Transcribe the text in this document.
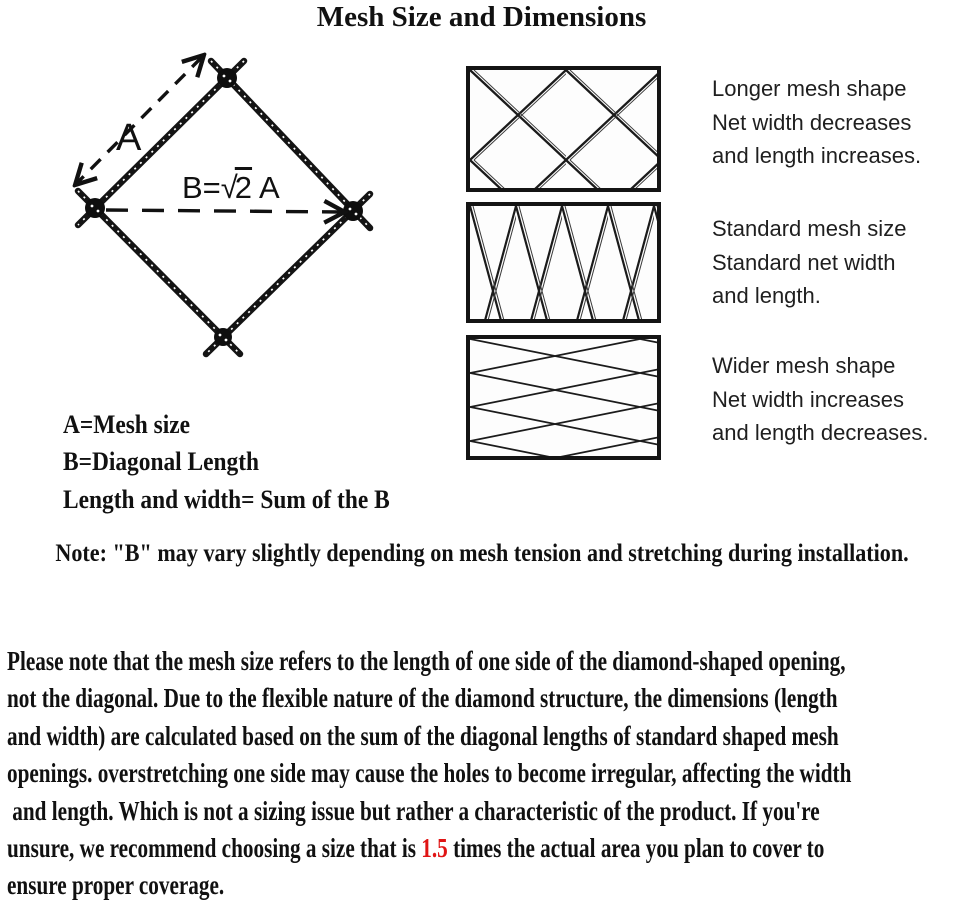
Mesh Size and Dimensions
A
B=√2 A
A=Mesh size
B=Diagonal Length
Length and width= Sum of the B
Longer mesh shape
Net width decreases
and length increases.
Standard mesh size
Standard net width
and length.
Wider mesh shape
Net width increases
and length decreases.
Note: "B" may vary slightly depending on mesh tension and stretching during installation.
Please note that the mesh size refers to the length of one side of the diamond-shaped opening,
not the diagonal. Due to the flexible nature of the diamond structure, the dimensions (length
and width) are calculated based on the sum of the diagonal lengths of standard shaped mesh
openings. overstretching one side may cause the holes to become irregular, affecting the width
and length. Which is not a sizing issue but rather a characteristic of the product. If you're
unsure, we recommend choosing a size that is 1.5 times the actual area you plan to cover to
ensure proper coverage.
